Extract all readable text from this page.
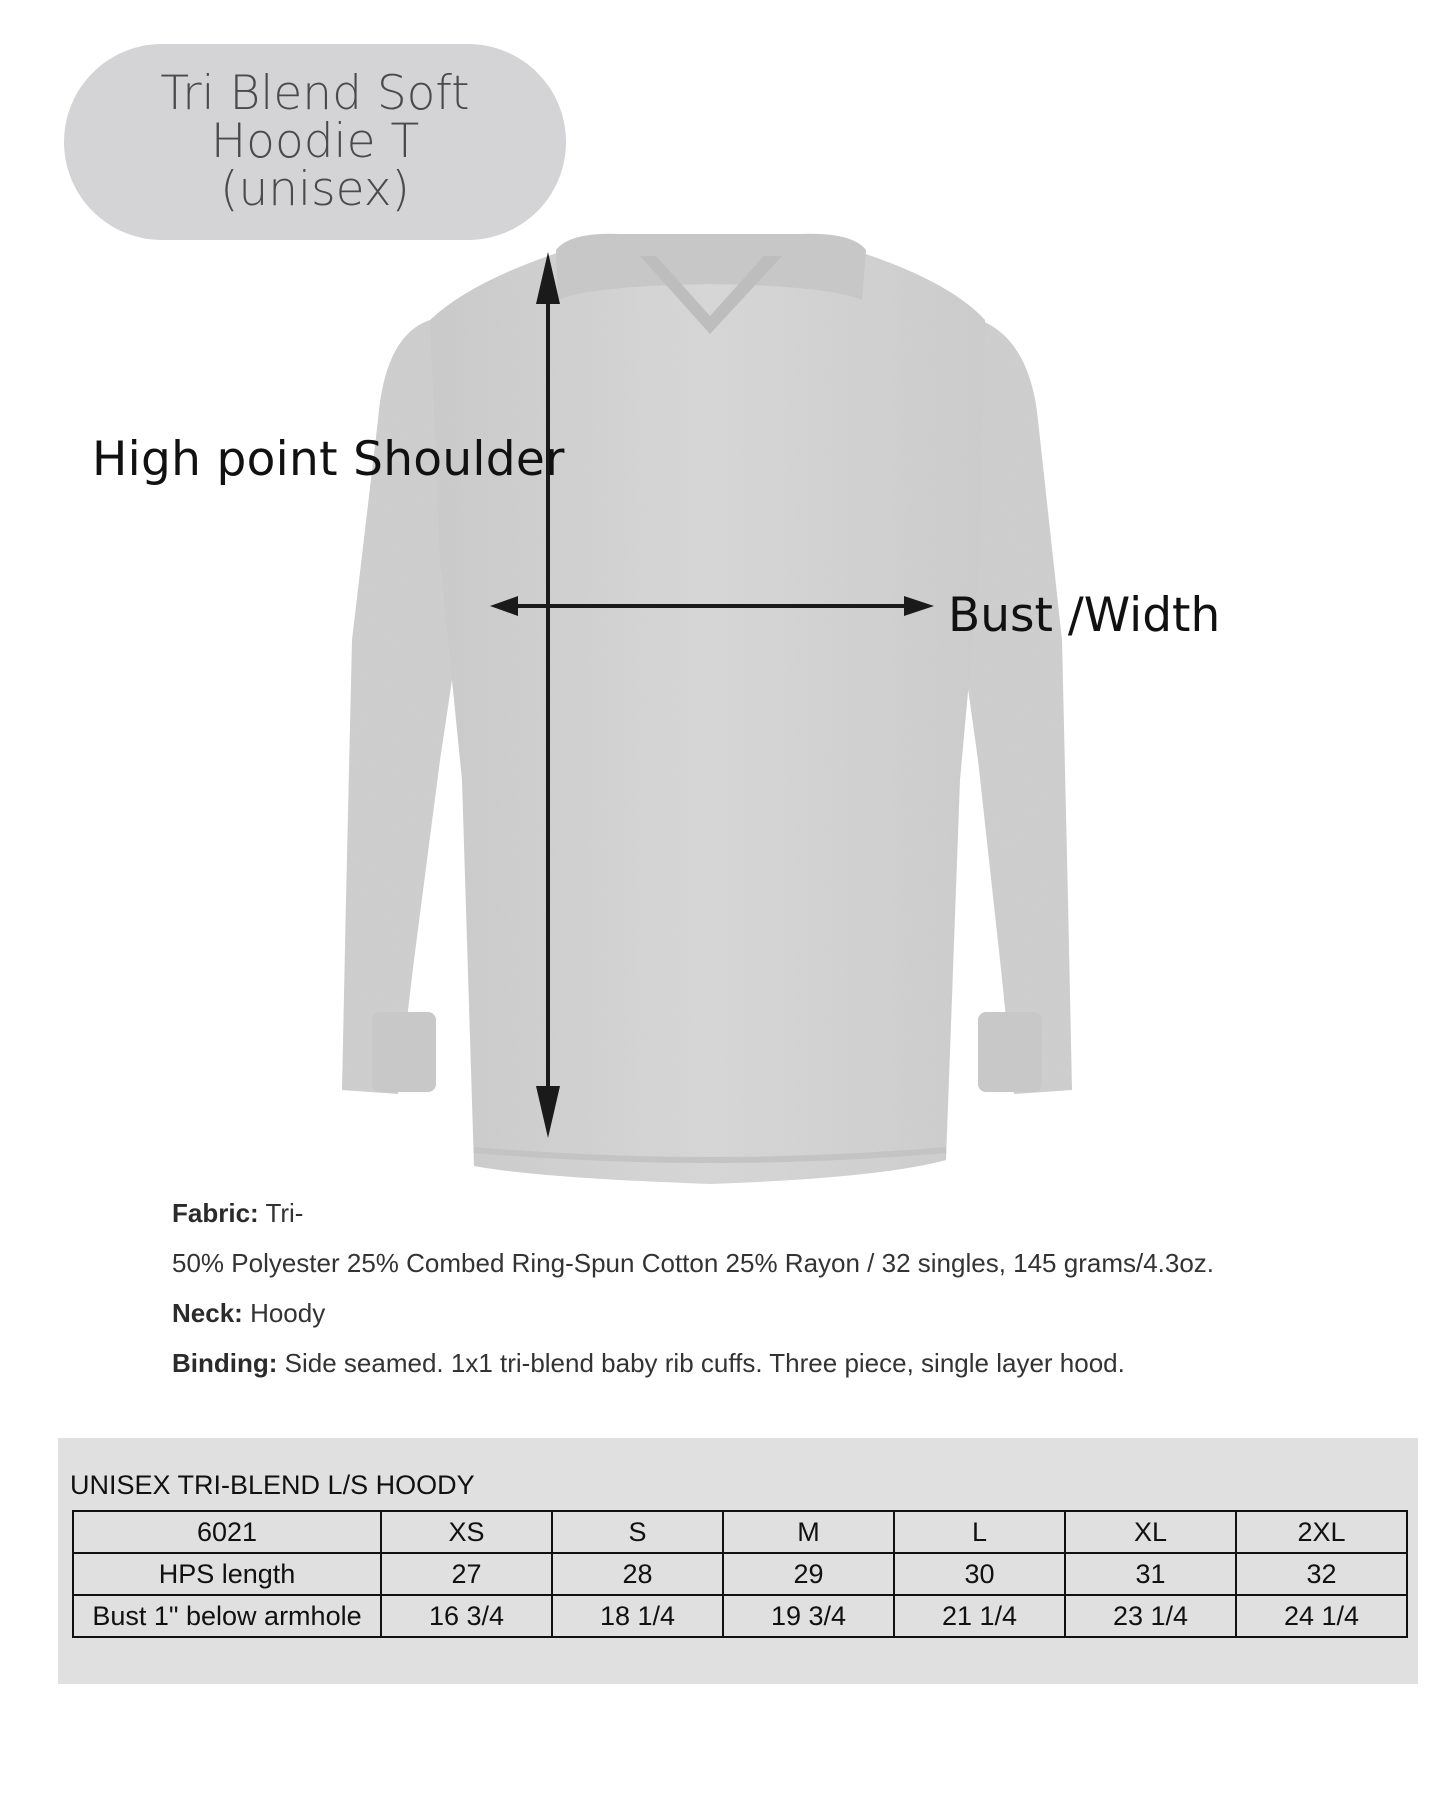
Tri Blend Soft
Hoodie T
(unisex)
High point Shoulder
Bust /Width
Fabric: Tri-
50% Polyester 25% Combed Ring-Spun Cotton 25% Rayon / 32 singles, 145 grams/4.3oz.
Neck: Hoody
Binding: Side seamed. 1x1 tri-blend baby rib cuffs. Three piece, single layer hood.
UNISEX TRI-BLEND L/S HOODY
6021	XS	S	M	L	XL	2XL
HPS length	27	28	29	30	31	32
Bust 1" below armhole	16 3/4	18 1/4	19 3/4	21 1/4	23 1/4	24 1/4
